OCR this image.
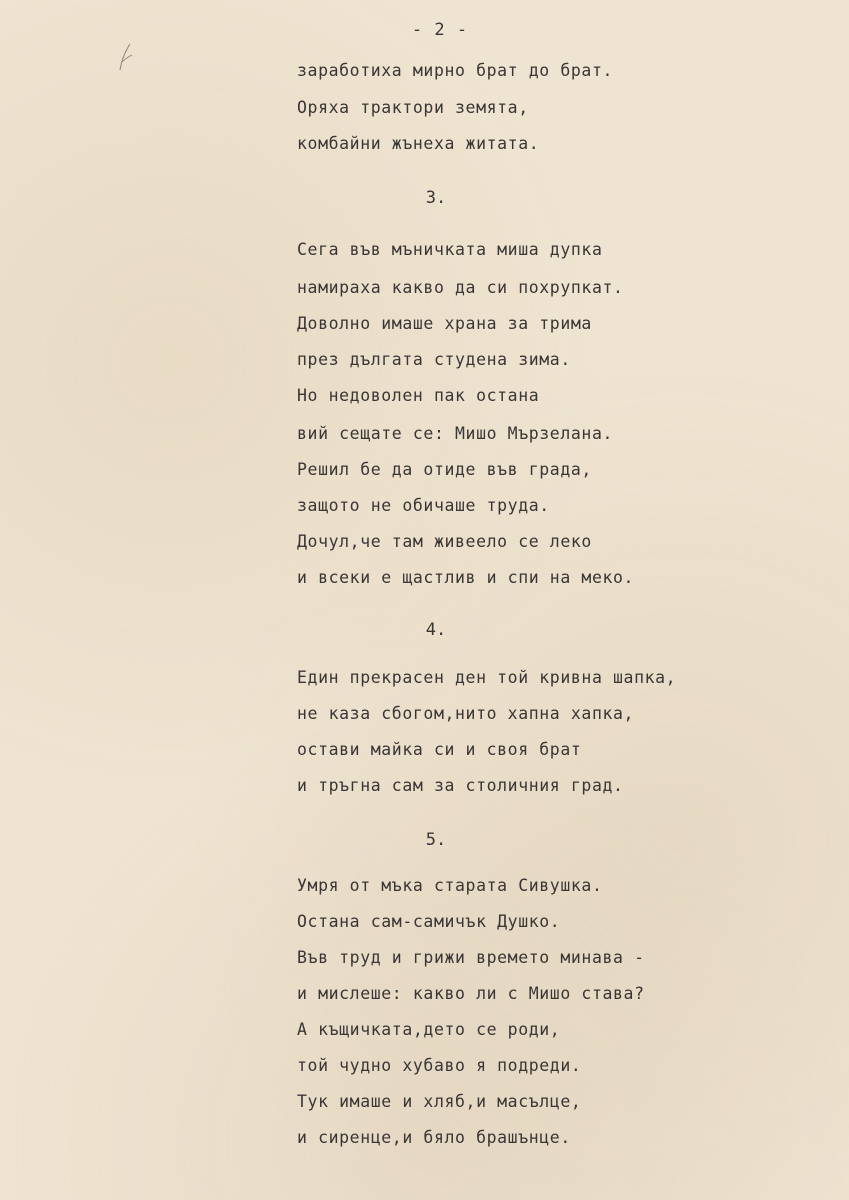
- 2 -
заработиха мирно брат до брат.
Оряха трактори земята,
комбайни жънеха житата.
3.
Сега във мъничката миша дупка
намираха какво да си похрупкат.
Доволно имаше храна за трима
през дългата студена зима.
Но недоволен пак остана
вий сещате се: Мишо Мързелана.
Решил бе да отиде във града,
защото не обичаше труда.
Дочул,че там живеело се леко
и всеки е щастлив и спи на меко.
4.
Един прекрасен ден той кривна шапка,
не каза сбогом,нито хапна хапка,
остави майка си и своя брат
и тръгна сам за столичния град.
5.
Умря от мъка старата Сивушка.
Остана сам-самичък Душко.
Във труд и грижи времето минава -
и мислеше: какво ли с Мишо става?
А къщичката,дето се роди,
той чудно хубаво я подреди.
Тук имаше и хляб,и масълце,
и сиренце,и бяло брашънце.
